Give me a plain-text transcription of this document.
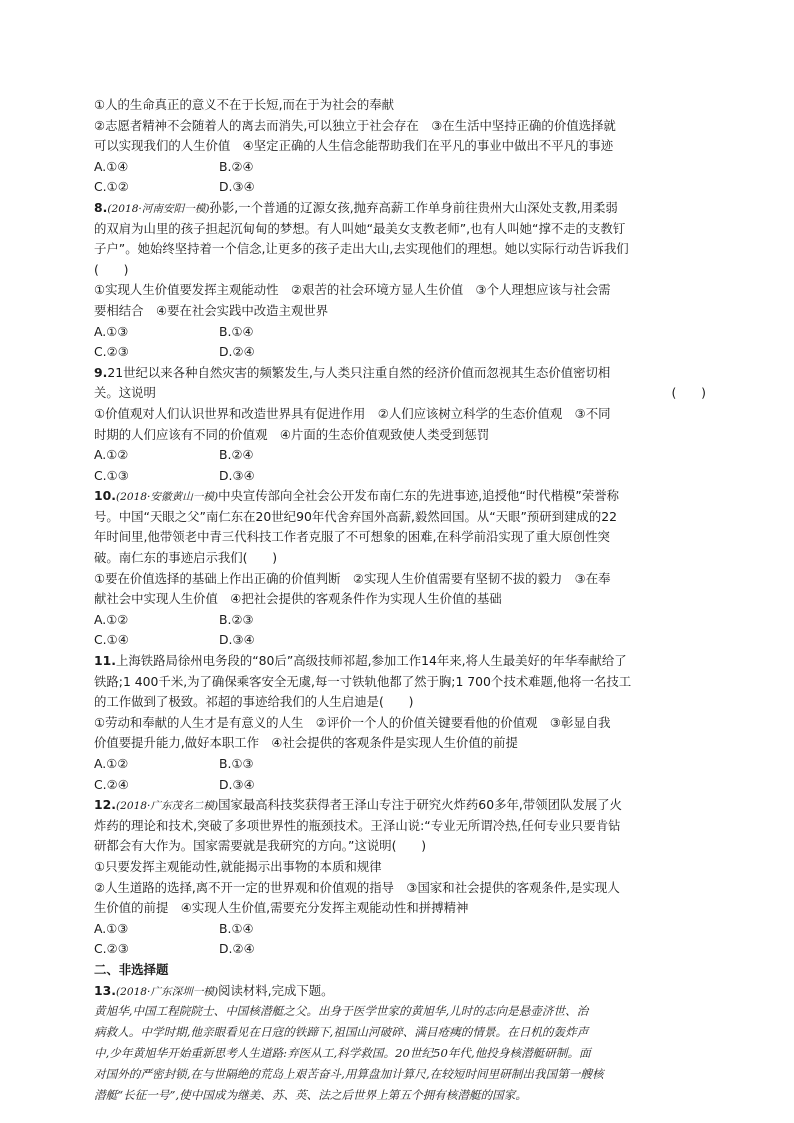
①人的生命真正的意义不在于长短,而在于为社会的奉献
②志愿者精神不会随着人的离去而消失,可以独立于社会存在　③在生活中坚持正确的价值选择就
可以实现我们的人生价值　④坚定正确的人生信念能帮助我们在平凡的事业中做出不平凡的事迹
A.①④	B.②④
C.①②	D.③④
8.(2018·河南安阳一模)孙影,一个普通的辽源女孩,抛弃高薪工作单身前往贵州大山深处支教,用柔弱
的双肩为山里的孩子担起沉甸甸的梦想。有人叫她“最美女支教老师”,也有人叫她“撑不走的支教钉
子户”。她始终坚持着一个信念,让更多的孩子走出大山,去实现他们的理想。她以实际行动告诉我们
(　　)
①实现人生价值要发挥主观能动性　②艰苦的社会环境方显人生价值　③个人理想应该与社会需
要相结合　④要在社会实践中改造主观世界
A.①③	B.①④
C.②③	D.②④
9.21世纪以来各种自然灾害的频繁发生,与人类只注重自然的经济价值而忽视其生态价值密切相
关。这说明	(　　)
①价值观对人们认识世界和改造世界具有促进作用　②人们应该树立科学的生态价值观　③不同
时期的人们应该有不同的价值观　④片面的生态价值观致使人类受到惩罚
A.①②	B.②④
C.①③	D.③④
10.(2018·安徽黄山一模)中央宣传部向全社会公开发布南仁东的先进事迹,追授他“时代楷模”荣誉称
号。中国“天眼之父”南仁东在20世纪90年代舍弃国外高薪,毅然回国。从“天眼”预研到建成的22
年时间里,他带领老中青三代科技工作者克服了不可想象的困难,在科学前沿实现了重大原创性突
破。南仁东的事迹启示我们(　　)
①要在价值选择的基础上作出正确的价值判断　②实现人生价值需要有坚韧不拔的毅力　③在奉
献社会中实现人生价值　④把社会提供的客观条件作为实现人生价值的基础
A.①②	B.②③
C.①④	D.③④
11.上海铁路局徐州电务段的“80后”高级技师祁超,参加工作14年来,将人生最美好的年华奉献给了
铁路;1 400千米,为了确保乘客安全无虞,每一寸铁轨他都了然于胸;1 700个技术难题,他将一名技工
的工作做到了极致。祁超的事迹给我们的人生启迪是(　　)
①劳动和奉献的人生才是有意义的人生　②评价一个人的价值关键要看他的价值观　③彰显自我
价值要提升能力,做好本职工作　④社会提供的客观条件是实现人生价值的前提
A.①②	B.①③
C.②④	D.③④
12.(2018·广东茂名二模)国家最高科技奖获得者王泽山专注于研究火炸药60多年,带领团队发展了火
炸药的理论和技术,突破了多项世界性的瓶颈技术。王泽山说:“专业无所谓冷热,任何专业只要肯钻
研都会有大作为。国家需要就是我研究的方向。”这说明(　　)
①只要发挥主观能动性,就能揭示出事物的本质和规律
②人生道路的选择,离不开一定的世界观和价值观的指导　③国家和社会提供的客观条件,是实现人
生价值的前提　④实现人生价值,需要充分发挥主观能动性和拼搏精神
A.①③	B.①④
C.②③	D.②④
二、非选择题
13.(2018·广东深圳一模)阅读材料,完成下题。
黄旭华,中国工程院院士、中国核潜艇之父。出身于医学世家的黄旭华,儿时的志向是悬壶济世、治
病救人。中学时期,他亲眼看见在日寇的铁蹄下,祖国山河破碎、满目疮痍的情景。在日机的轰炸声
中,少年黄旭华开始重新思考人生道路:弃医从工,科学救国。20世纪50年代,他投身核潜艇研制。面
对国外的严密封锁,在与世隔绝的荒岛上艰苦奋斗,用算盘加计算尺,在较短时间里研制出我国第一艘核
潜艇“长征一号”,使中国成为继美、苏、英、法之后世界上第五个拥有核潜艇的国家。
